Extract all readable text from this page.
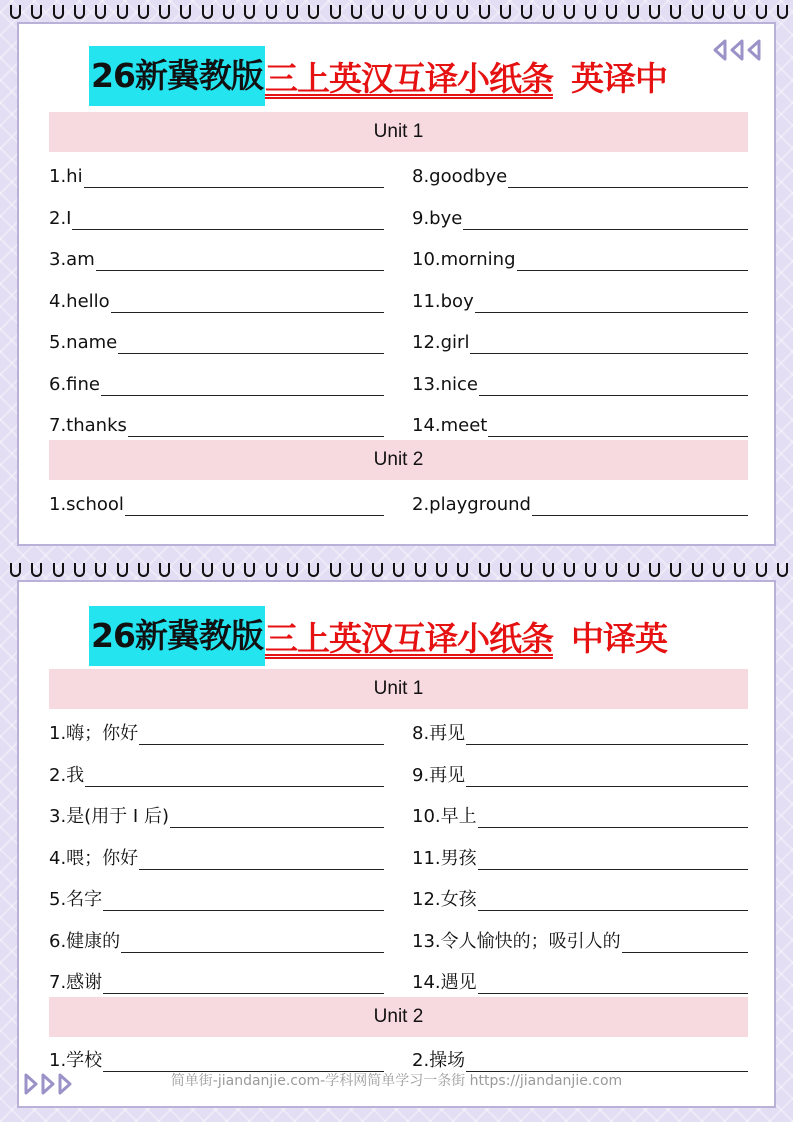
26新冀教版 三上英汉互译小纸条 英译中
Unit 1
1.hi	8.goodbye
2.I	9.bye
3.am	10.morning
4.hello	11.boy
5.name	12.girl
6.fine	13.nice
7.thanks	14.meet
Unit 2
1.school	2.playground
26新冀教版 三上英汉互译小纸条 中译英
Unit 1
1.嗨；你好	8.再见
2.我	9.再见
3.是(用于 I 后)	10.早上
4.喂；你好	11.男孩
5.名字	12.女孩
6.健康的	13.令人愉快的；吸引人的
7.感谢	14.遇见
Unit 2
1.学校	2.操场
简单街-jiandanjie.com-学科网简单学习一条街 https://jiandanjie.com
